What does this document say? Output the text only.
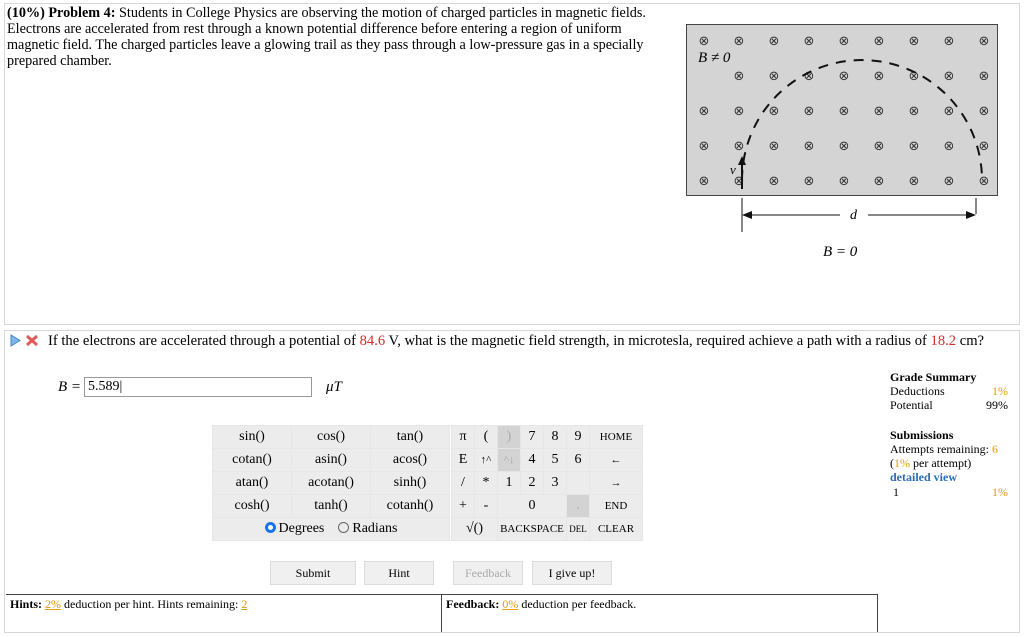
(10%) Problem 4: Students in College Physics are observing the motion of charged particles in magnetic fields. Electrons are accelerated from rest through a known potential difference before entering a region of uniform magnetic field. The charged particles leave a glowing trail as they pass through a low-pressure gas in a specially prepared chamber.
⊗
⊗
⊗
⊗
⊗
⊗
⊗
⊗
⊗
⊗
⊗
⊗
⊗
⊗
⊗
⊗
⊗
⊗
⊗
⊗
⊗
⊗
⊗
⊗
⊗
⊗
⊗
⊗
⊗
⊗
⊗
⊗
⊗
⊗
⊗
⊗
⊗
⊗
⊗
⊗
⊗
⊗
⊗
⊗
B ≠ 0
v
d
B = 0
If the electrons are accelerated through a potential of 84.6 V, what is the magnetic field strength, in microtesla, required achieve a path with a radius of 18.2 cm?
B =
5.589|	μT
sin()	cos()	tan()
cotan()	asin()	acos()
atan()	acotan()	sinh()
cosh()	tanh()	cotanh()
Degrees Radians		
π	(	)	7	8	9	HOME
E	↑^	^↓	4	5	6	←
/	*	1	2	3		→
+	-	0			.	END
√()		BACKSPACE			DEL	CLEAR
Grade Summary
Deductions	1%
Potential	99%
Submissions
Attempts remaining: 6
(1% per attempt)
detailed view
1	1%
Submit	Hint	Feedback	I give up!
Hints: 2% deduction per hint. Hints remaining: 2	Feedback: 0% deduction per feedback.
